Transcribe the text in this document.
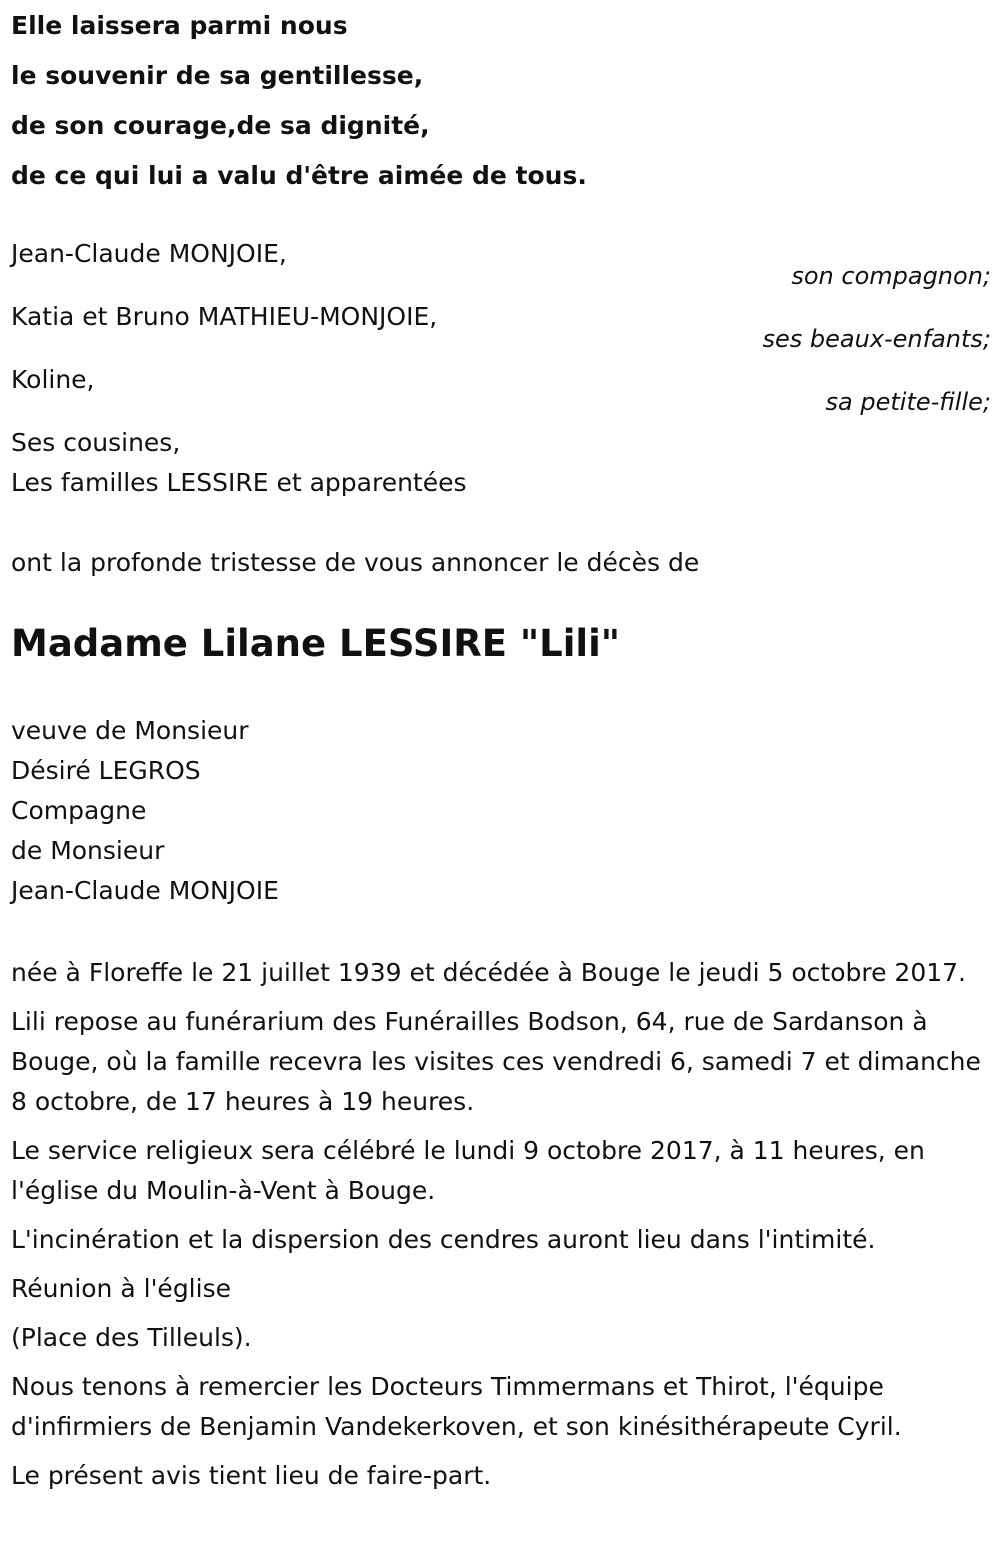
Elle laissera parmi nous
le souvenir de sa gentillesse,
de son courage,de sa dignité,
de ce qui lui a valu d'être aimée de tous.
Jean-Claude MONJOIE,
son compagnon;
Katia et Bruno MATHIEU-MONJOIE,
ses beaux-enfants;
Koline,
sa petite-fille;
Ses cousines,
Les familles LESSIRE et apparentées
ont la profonde tristesse de vous annoncer le décès de
Madame Lilane LESSIRE "Lili"
veuve de Monsieur
Désiré LEGROS
Compagne
de Monsieur
Jean-Claude MONJOIE

née à Floreffe le 21 juillet 1939 et décédée à Bouge le jeudi 5 octobre 2017.

Lili repose au funérarium des Funérailles Bodson, 64, rue de Sardanson à Bouge, où la famille recevra les visites ces vendredi 6, samedi 7 et dimanche 8 octobre, de 17 heures à 19 heures.

Le service religieux sera célébré le lundi 9 octobre 2017, à 11 heures, en l'église du Moulin-à-Vent à Bouge.

L'incinération et la dispersion des cendres auront lieu dans l'intimité.

Réunion à l'église

(Place des Tilleuls).

Nous tenons à remercier les Docteurs Timmermans et Thirot, l'équipe d'infirmiers de Benjamin Vandekerkoven, et son kinésithérapeute Cyril.

Le présent avis tient lieu de faire-part.
